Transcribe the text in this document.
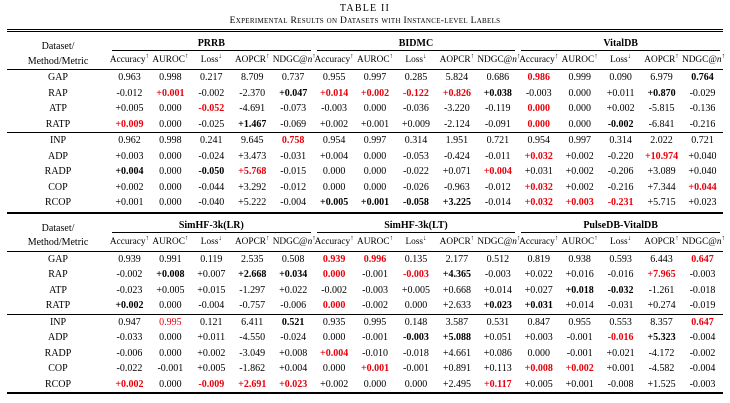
TABLE II
Experimental Results on Datasets with Instance-level Labels
Dataset/
Method/Metric	PRRB					BIDMC					VitalDB				

	Accuracy↑	AUROC↑	Loss↓	AOPCR↑	NDGC@n↑	Accuracy↑	AUROC↑	Loss↓	AOPCR↑	NDGC@n↑	Accuracy↑	AUROC↑	Loss↓	AOPCR↑	NDGC@n↑
GAP	0.963	0.998	0.217	8.709	0.737	0.955	0.997	0.285	5.824	0.686	0.986	0.999	0.090	6.979	0.764
RAP	-0.012	+0.001	-0.002	-2.370	+0.047	+0.014	+0.002	-0.122	+0.826	+0.038	-0.003	0.000	+0.011	+0.870	-0.029
ATP	+0.005	0.000	-0.052	-4.691	-0.073	-0.003	0.000	-0.036	-3.220	-0.119	0.000	0.000	+0.002	-5.815	-0.136
RATP	+0.009	0.000	-0.025	+1.467	-0.069	+0.002	+0.001	+0.009	-2.124	-0.091	0.000	0.000	-0.002	-6.841	-0.216
INP	0.962	0.998	0.241	9.645	0.758	0.954	0.997	0.314	1.951	0.721	0.954	0.997	0.314	2.022	0.721
ADP	+0.003	0.000	-0.024	+3.473	-0.031	+0.004	0.000	-0.053	-0.424	-0.011	+0.032	+0.002	-0.220	+10.974	+0.040
RADP	+0.004	0.000	-0.050	+5.768	-0.015	0.000	0.000	-0.022	+0.071	+0.004	+0.031	+0.002	-0.206	+3.089	+0.040
COP	+0.002	0.000	-0.044	+3.292	-0.012	0.000	0.000	-0.026	-0.963	-0.012	+0.032	+0.002	-0.216	+7.344	+0.044
RCOP	+0.001	0.000	-0.040	+5.222	-0.004	+0.005	+0.001	-0.058	+3.225	-0.014	+0.032	+0.003	-0.231	+5.715	+0.023
Dataset/
Method/Metric	SimHF-3k(LR)					SimHF-3k(LT)					PulseDB-VitalDB				

	Accuracy↑	AUROC↑	Loss↓	AOPCR↑	NDGC@n↑	Accuracy↑	AUROC↑	Loss↓	AOPCR↑	NDGC@n↑	Accuracy↑	AUROC↑	Loss↓	AOPCR↑	NDGC@n↑
GAP	0.939	0.991	0.119	2.535	0.508	0.939	0.996	0.135	2.177	0.512	0.819	0.938	0.593	6.443	0.647
RAP	-0.002	+0.008	+0.007	+2.668	+0.034	0.000	-0.001	-0.003	+4.365	-0.003	+0.022	+0.016	-0.016	+7.965	-0.003
ATP	-0.023	+0.005	+0.015	-1.297	+0.022	-0.002	-0.003	+0.005	+0.668	+0.014	+0.027	+0.018	-0.032	-1.261	-0.018
RATP	+0.002	0.000	-0.004	-0.757	-0.006	0.000	-0.002	0.000	+2.633	+0.023	+0.031	+0.014	-0.031	+0.274	-0.019
INP	0.947	0.995	0.121	6.411	0.521	0.935	0.995	0.148	3.587	0.531	0.847	0.955	0.553	8.357	0.647
ADP	-0.033	0.000	+0.011	-4.550	-0.024	0.000	-0.001	-0.003	+5.088	+0.051	+0.003	-0.001	-0.016	+5.323	-0.004
RADP	-0.006	0.000	+0.002	-3.049	+0.008	+0.004	-0.010	-0.018	+4.661	+0.086	0.000	-0.001	+0.021	-4.172	-0.002
COP	-0.022	-0.001	+0.005	-1.862	+0.004	0.000	+0.001	-0.001	+0.891	+0.113	+0.008	+0.002	+0.001	-4.582	-0.004
RCOP	+0.002	0.000	-0.009	+2.691	+0.023	+0.002	0.000	0.000	+2.495	+0.117	+0.005	+0.001	-0.008	+1.525	-0.003
